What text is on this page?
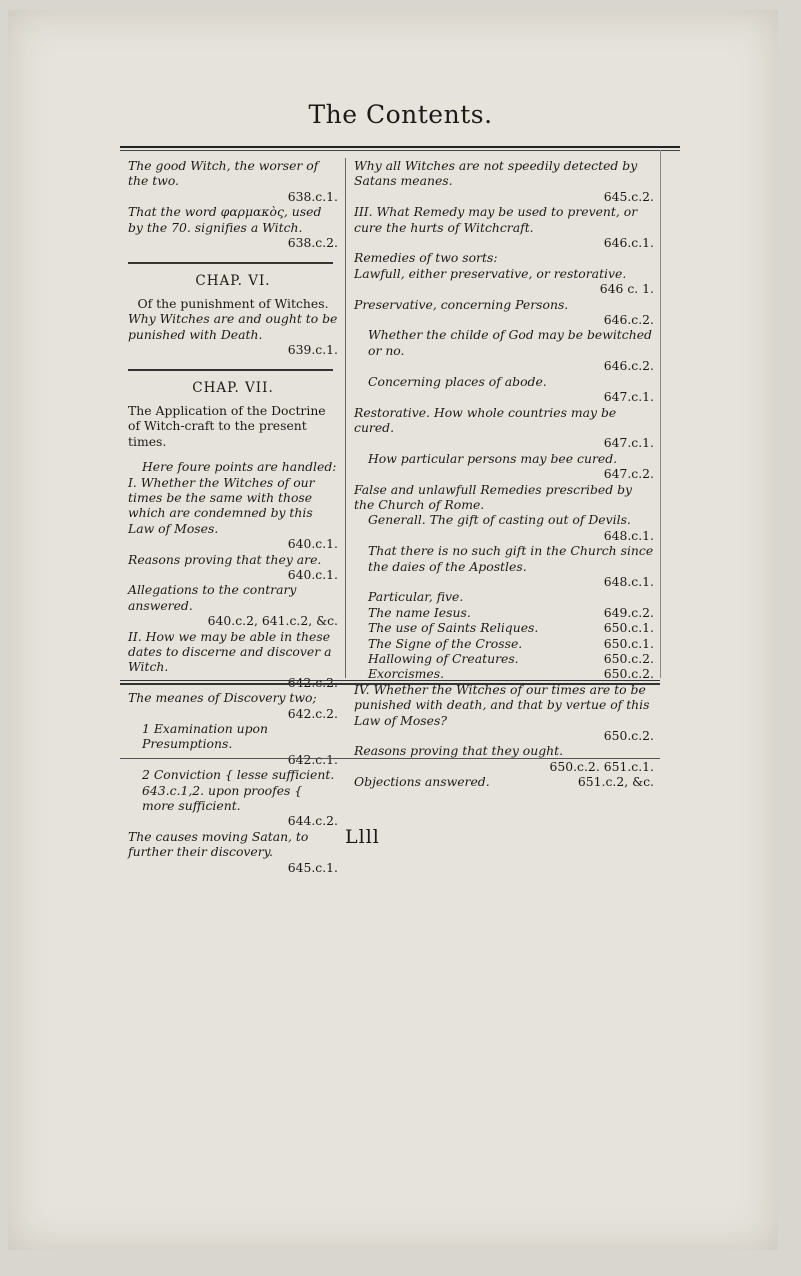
The Contents.
The good Witch, the worser of the two.
638.c.1.
That the word φαρμακὸς, used by the 70. signifies a Witch.
638.c.2.
CHAP. VI.
Of the punishment of Witches.
Why Witches are and ought to be punished with Death.
639.c.1.
CHAP. VII.
The Application of the Doctrine of Witch-craft to the present times.
Here foure points are handled:
I. Whether the Witches of our times be the same with those which are condemned by this Law of Moses.
640.c.1.
Reasons proving that they are.
640.c.1.
Allegations to the contrary answered.
640.c.2, 641.c.2, &c.
II. How we may be able in these dates to discerne and discover a Witch.
642.c.2.
The meanes of Discovery two;
642.c.2.
1 Examination upon Presumptions.
642.c.1.
2 Conviction { lesse sufficient. 643.c.1,2. upon proofes { more sufficient.
644.c.2.
The causes moving Satan, to further their discovery.
645.c.1.
Why all Witches are not speedily detected by Satans meanes.
645.c.2.
III. What Remedy may be used to prevent, or cure the hurts of Witchcraft.
646.c.1.
Remedies of two sorts:
Lawfull, either preservative, or restorative.
646 c. 1.
Preservative, concerning Persons.
646.c.2.
Whether the childe of God may be bewitched or no.
646.c.2.
Concerning places of abode.
647.c.1.
Restorative. How whole countries may be cured.
647.c.1.
How particular persons may bee cured.
647.c.2.
False and unlawfull Remedies prescribed by the Church of Rome.
Generall. The gift of casting out of Devils.
648.c.1.
That there is no such gift in the Church since the daies of the Apostles.
648.c.1.
Particular, five.
The name Iesus.	649.c.2.
The use of Saints Reliques.	650.c.1.
The Signe of the Crosse.	650.c.1.
Hallowing of Creatures.	650.c.2.
Exorcismes.	650.c.2.
IV. Whether the Witches of our times are to be punished with death, and that by vertue of this Law of Moses?
650.c.2.
Reasons proving that they ought.
650.c.2. 651.c.1.
Objections answered.	651.c.2, &c.
Llll
